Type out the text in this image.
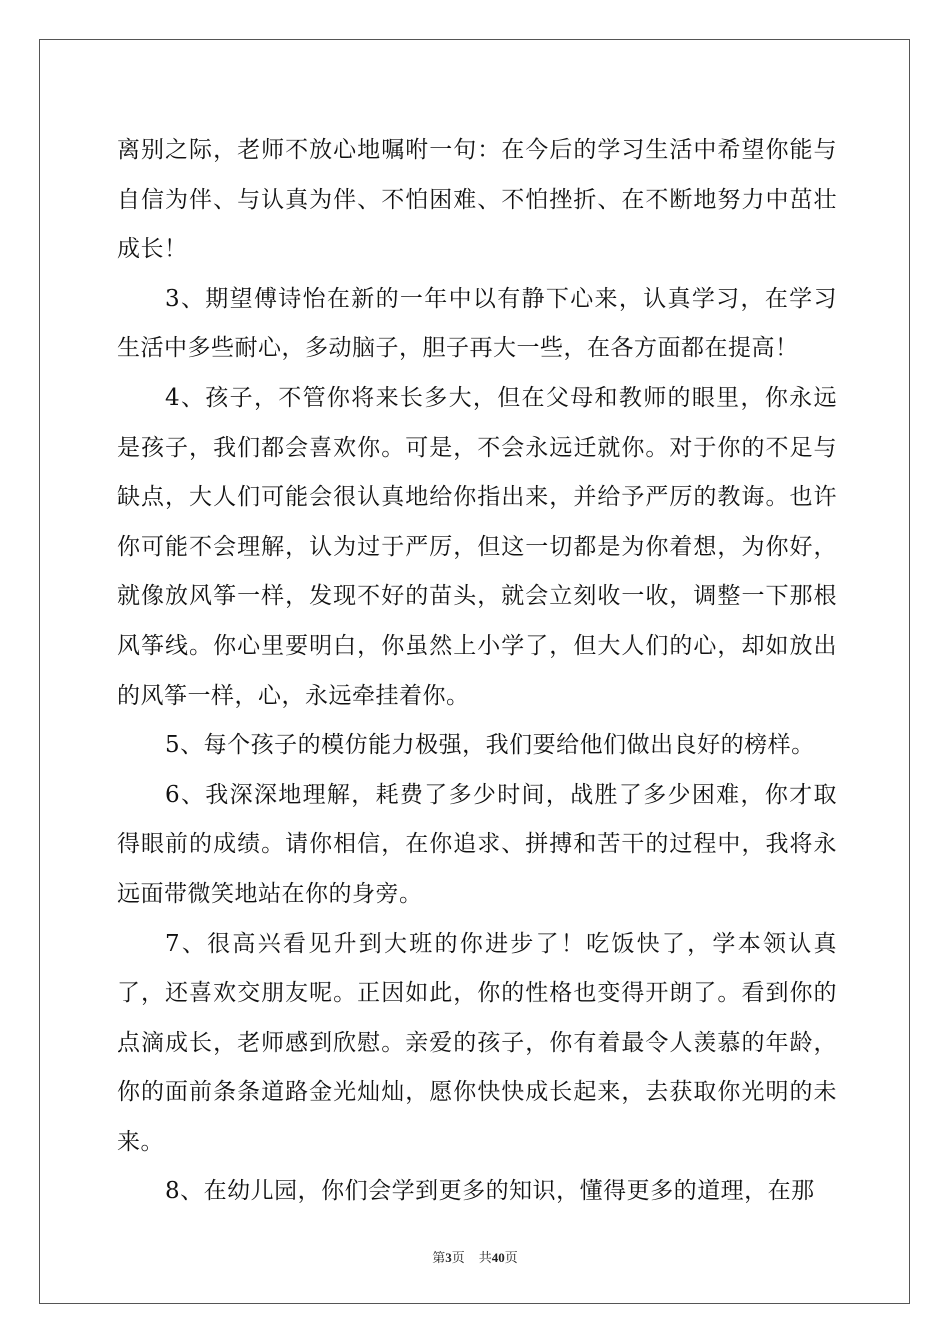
离别之际，老师不放心地嘱咐一句：在今后的学习生活中希望你能与自信为伴、与认真为伴、不怕困难、不怕挫折、在不断地努力中茁壮成长！

3、期望傅诗怡在新的一年中以有静下心来，认真学习，在学习生活中多些耐心，多动脑子，胆子再大一些，在各方面都在提高！

4、孩子，不管你将来长多大，但在父母和教师的眼里，你永远是孩子，我们都会喜欢你。可是，不会永远迁就你。对于你的不足与缺点，大人们可能会很认真地给你指出来，并给予严厉的教诲。也许你可能不会理解，认为过于严厉，但这一切都是为你着想，为你好，就像放风筝一样，发现不好的苗头，就会立刻收一收，调整一下那根风筝线。你心里要明白，你虽然上小学了，但大人们的心，却如放出的风筝一样，心，永远牵挂着你。

5、每个孩子的模仿能力极强，我们要给他们做出良好的榜样。

6、我深深地理解，耗费了多少时间，战胜了多少困难，你才取得眼前的成绩。请你相信，在你追求、拼搏和苦干的过程中，我将永远面带微笑地站在你的身旁。

7、很高兴看见升到大班的你进步了！吃饭快了，学本领认真了，还喜欢交朋友呢。正因如此，你的性格也变得开朗了。看到你的点滴成长，老师感到欣慰。亲爱的孩子，你有着最令人羡慕的年龄，你的面前条条道路金光灿灿，愿你快快成长起来，去获取你光明的未来。

8、在幼儿园，你们会学到更多的知识，懂得更多的道理，在那

第3页 共40页
